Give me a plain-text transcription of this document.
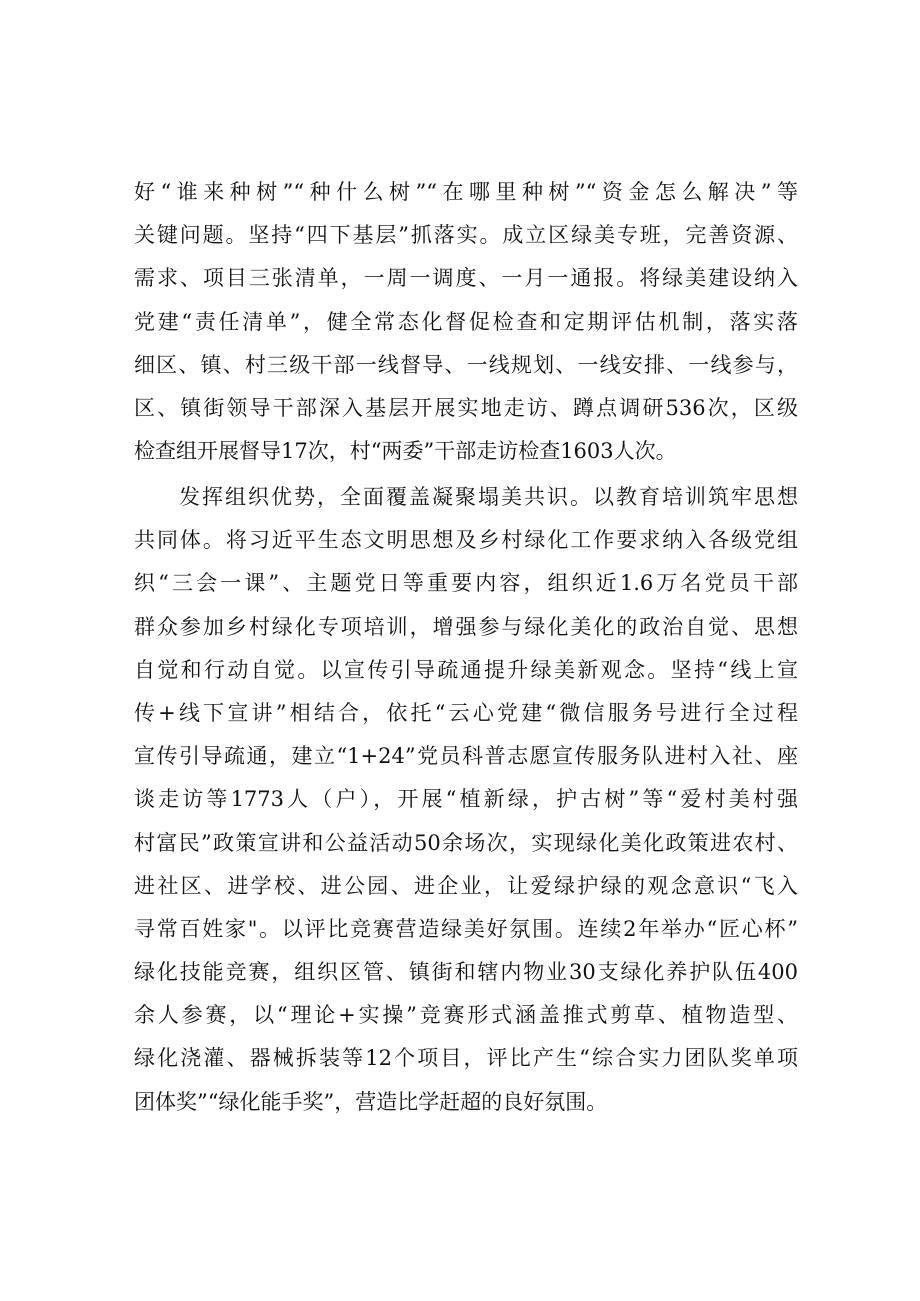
好“谁来种树”“种什么树”“在哪里种树”“资金怎么解决”等
关键问题。坚持“四下基层”抓落实。成立区绿美专班，完善资源、
需求、项目三张清单，一周一调度、一月一通报。将绿美建设纳入
党建“责任清单”，健全常态化督促检查和定期评估机制，落实落
细区、镇、村三级干部一线督导、一线规划、一线安排、一线参与，
区、镇街领导干部深入基层开展实地走访、蹲点调研536次，区级
检查组开展督导17次，村“两委”干部走访检查1603人次。
发挥组织优势，全面覆盖凝聚塌美共识。以教育培训筑牢思想
共同体。将习近平生态文明思想及乡村绿化工作要求纳入各级党组
织“三会一课”、主题党日等重要内容，组织近1.6万名党员干部
群众参加乡村绿化专项培训，增强参与绿化美化的政治自觉、思想
自觉和行动自觉。以宣传引导疏通提升绿美新观念。坚持“线上宣
传+线下宣讲”相结合，依托“云心党建“微信服务号进行全过程
宣传引导疏通，建立“1+24”党员科普志愿宣传服务队进村入社、座
谈走访等1773人（户），开展“植新绿，护古树”等“爱村美村强
村富民”政策宣讲和公益活动50余场次，实现绿化美化政策进农村、
进社区、进学校、进公园、进企业，让爱绿护绿的观念意识“飞入
寻常百姓家"。以评比竞赛营造绿美好氛围。连续2年举办“匠心杯”
绿化技能竞赛，组织区管、镇街和辖内物业30支绿化养护队伍400
余人参赛，以“理论+实操”竞赛形式涵盖推式剪草、植物造型、
绿化浇灌、器械拆装等12个项目，评比产生“综合实力团队奖单项
团体奖”“绿化能手奖”，营造比学赶超的良好氛围。
